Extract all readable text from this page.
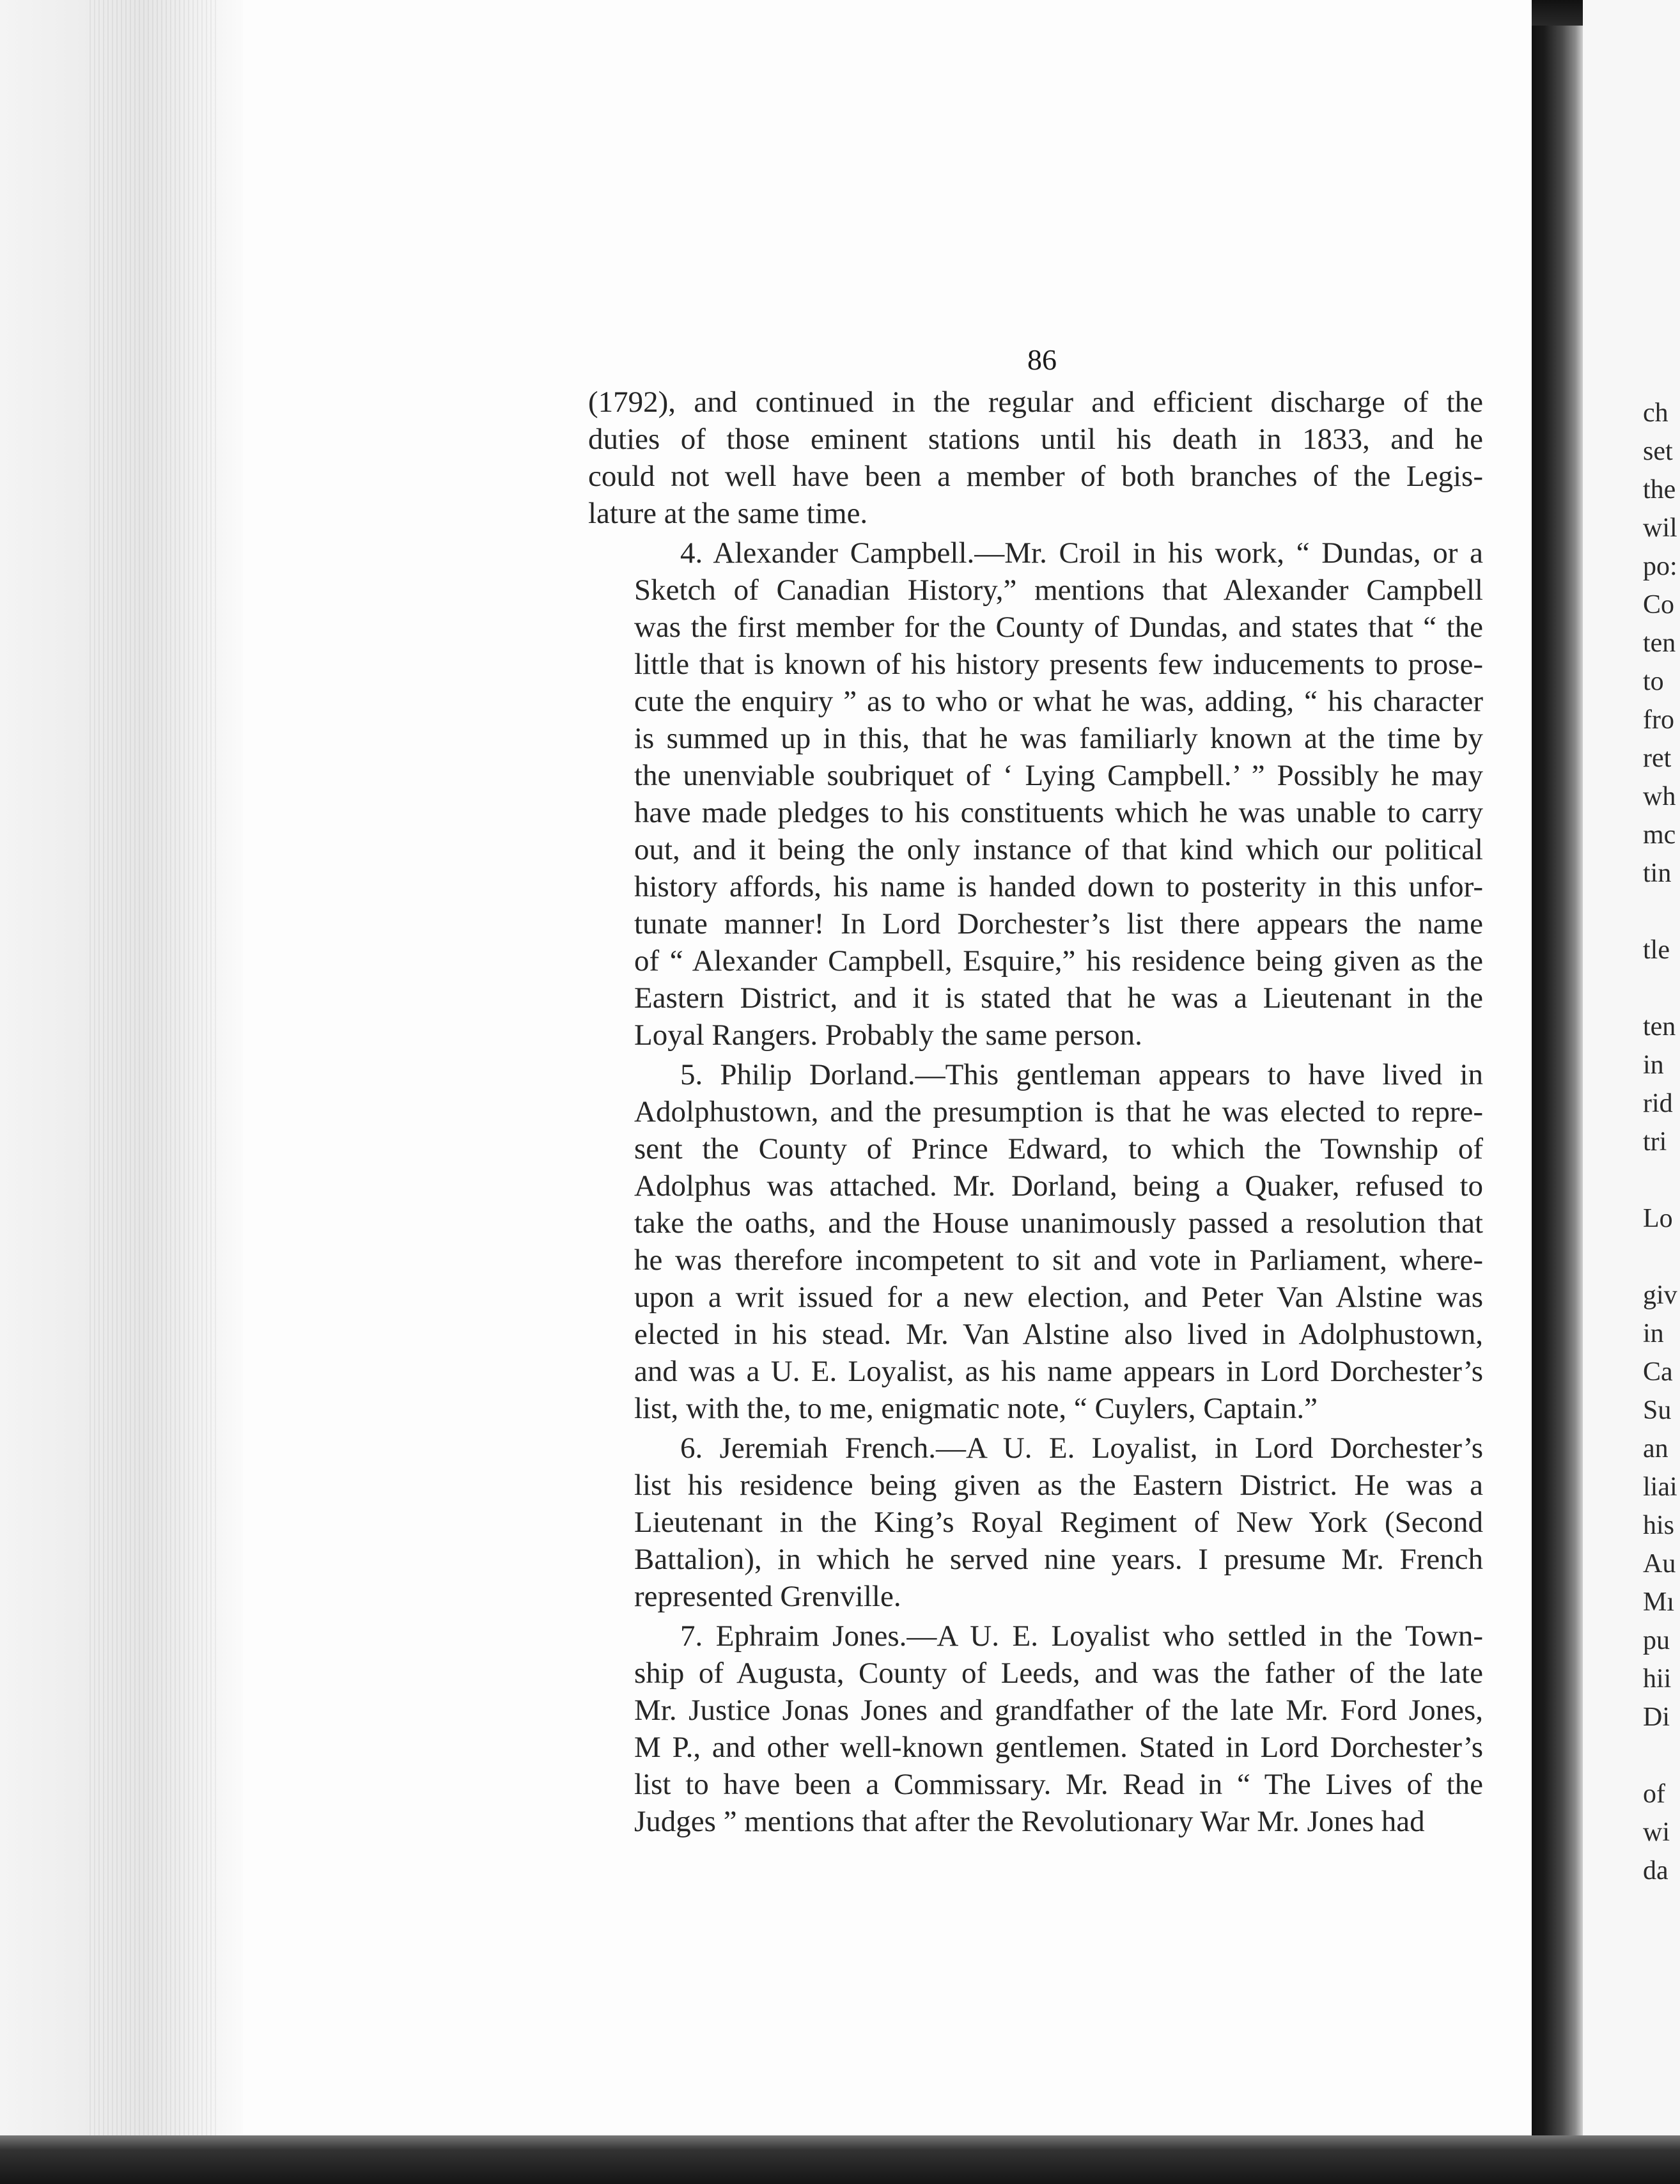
86

(1792), and continued in the regular and efficient discharge of the
duties of those eminent stations until his death in 1833, and he
could not well have been a member of both branches of the Legis-
lature at the same time.

4. Alexander Campbell.—Mr. Croil in his work, “ Dundas, or a
Sketch of Canadian History,” mentions that Alexander Campbell
was the first member for the County of Dundas, and states that “ the
little that is known of his history presents few inducements to prose-
cute the enquiry ” as to who or what he was, adding, “ his character
is summed up in this, that he was familiarly known at the time by
the unenviable soubriquet of ‘ Lying Campbell.’ ” Possibly he may
have made pledges to his constituents which he was unable to carry
out, and it being the only instance of that kind which our political
history affords, his name is handed down to posterity in this unfor-
tunate manner! In Lord Dorchester’s list there appears the name
of “ Alexander Campbell, Esquire,” his residence being given as the
Eastern District, and it is stated that he was a Lieutenant in the
Loyal Rangers. Probably the same person.

5. Philip Dorland.—This gentleman appears to have lived in
Adolphustown, and the presumption is that he was elected to repre-
sent the County of Prince Edward, to which the Township of
Adolphus was attached. Mr. Dorland, being a Quaker, refused to
take the oaths, and the House unanimously passed a resolution that
he was therefore incompetent to sit and vote in Parliament, where-
upon a writ issued for a new election, and Peter Van Alstine was
elected in his stead. Mr. Van Alstine also lived in Adolphustown,
and was a U. E. Loyalist, as his name appears in Lord Dorchester’s
list, with the, to me, enigmatic note, “ Cuylers, Captain.”

6. Jeremiah French.—A U. E. Loyalist, in Lord Dorchester’s
list his residence being given as the Eastern District. He was a
Lieutenant in the King’s Royal Regiment of New York (Second
Battalion), in which he served nine years. I presume Mr. French
represented Grenville.

7. Ephraim Jones.—A U. E. Loyalist who settled in the Town-
ship of Augusta, County of Leeds, and was the father of the late
Mr. Justice Jonas Jones and grandfather of the late Mr. Ford Jones,
M P., and other well-known gentlemen. Stated in Lord Dorchester’s
list to have been a Commissary. Mr. Read in “ The Lives of the
Judges ” mentions that after the Revolutionary War Mr. Jones had

ch
set
the
wil
po:
Co
ten
to
fro
ret
wh
mc
tin
tle
ten
in
rid
tri
Lo
giv
in
Ca
Su
an
liai
his
Au
Mı
pu
hii
Di
of
wi
da
